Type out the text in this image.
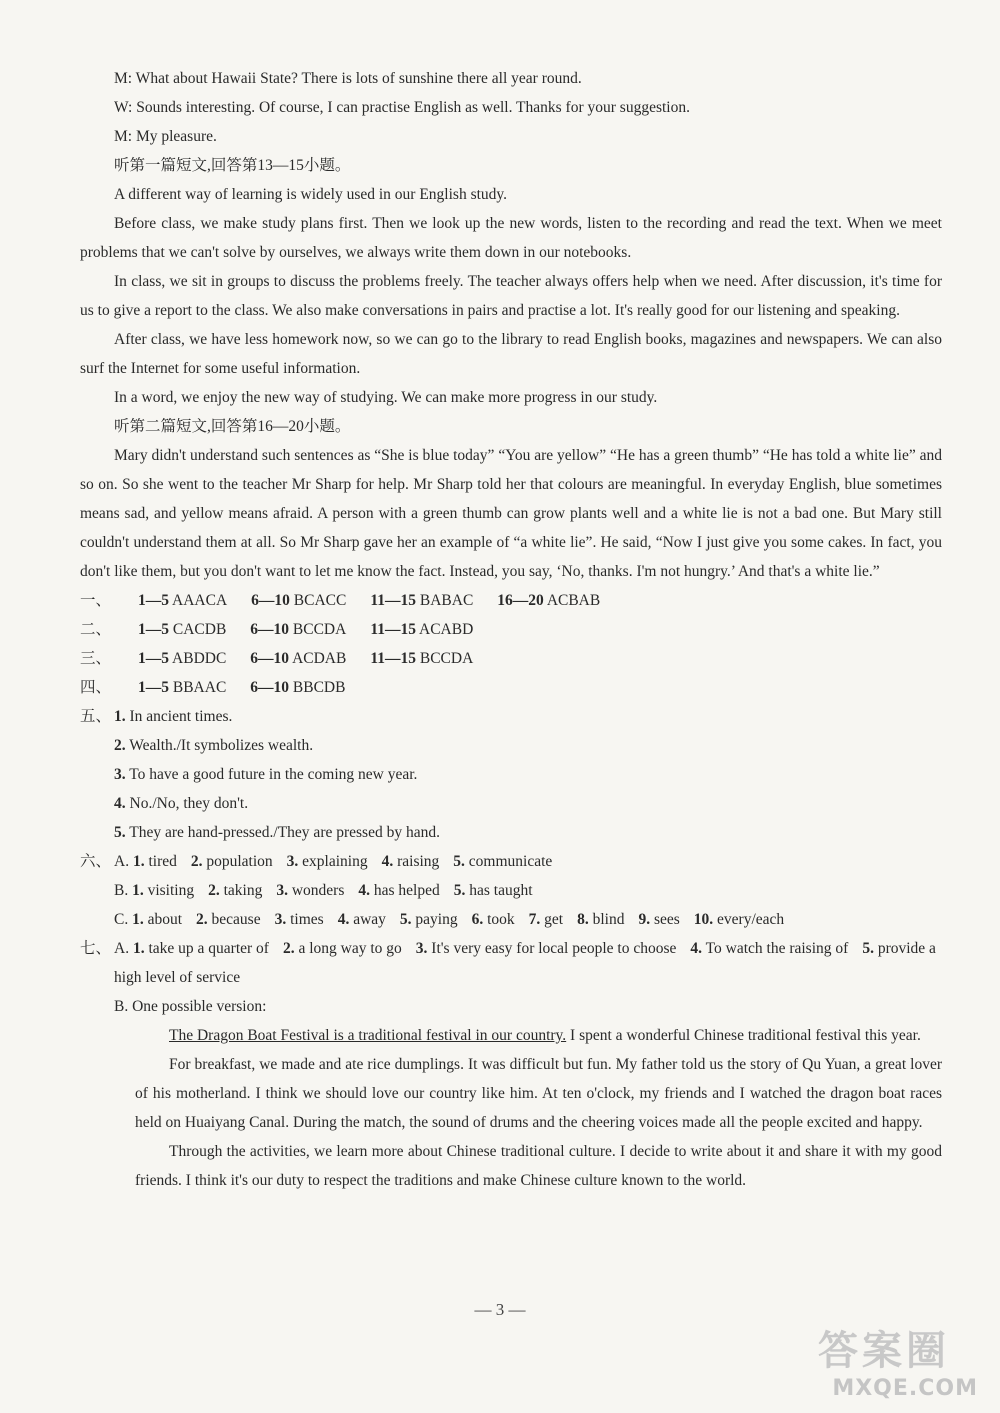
M: What about Hawaii State? There is lots of sunshine there all year round.

W: Sounds interesting. Of course, I can practise English as well. Thanks for your suggestion.

M: My pleasure.

听第一篇短文,回答第13—15小题。

A different way of learning is widely used in our English study.

Before class, we make study plans first. Then we look up the new words, listen to the recording and read the text. When we meet problems that we can't solve by ourselves, we always write them down in our notebooks.

In class, we sit in groups to discuss the problems freely. The teacher always offers help when we need. After discussion, it's time for us to give a report to the class. We also make conversations in pairs and practise a lot. It's really good for our listening and speaking.

After class, we have less homework now, so we can go to the library to read English books, magazines and newspapers. We can also surf the Internet for some useful information.

In a word, we enjoy the new way of studying. We can make more progress in our study.

听第二篇短文,回答第16—20小题。

Mary didn't understand such sentences as “She is blue today” “You are yellow” “He has a green thumb” “He has told a white lie” and so on. So she went to the teacher Mr Sharp for help. Mr Sharp told her that colours are meaningful. In everyday English, blue sometimes means sad, and yellow means afraid. A person with a green thumb can grow plants well and a white lie is not a bad one. But Mary still couldn't understand them at all. So Mr Sharp gave her an example of “a white lie”. He said, “Now I just give you some cakes. In fact, you don't like them, but you don't want to let me know the fact. Instead, you say, ‘No, thanks. I'm not hungry.’ And that's a white lie.”

一、 1—5 AAACA 6—10 BCACC 11—15 BABAC 16—20 ACBAB
二、 1—5 CACDB 6—10 BCCDA 11—15 ACABD
三、 1—5 ABDDC 6—10 ACDAB 11—15 BCCDA
四、 1—5 BBAAC 6—10 BBCDB
五、 1. In ancient times.
2. Wealth./It symbolizes wealth.
3. To have a good future in the coming new year.
4. No./No, they don't.
5. They are hand-pressed./They are pressed by hand.
六、 A. 1. tired 2. population 3. explaining 4. raising 5. communicate
B. 1. visiting 2. taking 3. wonders 4. has helped 5. has taught
C. 1. about 2. because 3. times 4. away 5. paying 6. took 7. get 8. blind 9. sees 10. every/each
七、 A. 1. take up a quarter of 2. a long way to go 3. It's very easy for local people to choose 4. To watch the raising of 5. provide a high level of service

B. One possible version:

The Dragon Boat Festival is a traditional festival in our country. I spent a wonderful Chinese traditional festival this year.

For breakfast, we made and ate rice dumplings. It was difficult but fun. My father told us the story of Qu Yuan, a great lover of his motherland. I think we should love our country like him. At ten o'clock, my friends and I watched the dragon boat races held on Huaiyang Canal. During the match, the sound of drums and the cheering voices made all the people excited and happy.

Through the activities, we learn more about Chinese traditional culture. I decide to write about it and share it with my good friends. I think it's our duty to respect the traditions and make Chinese culture known to the world.

— 3 —
答案圈
MXQE.COM
